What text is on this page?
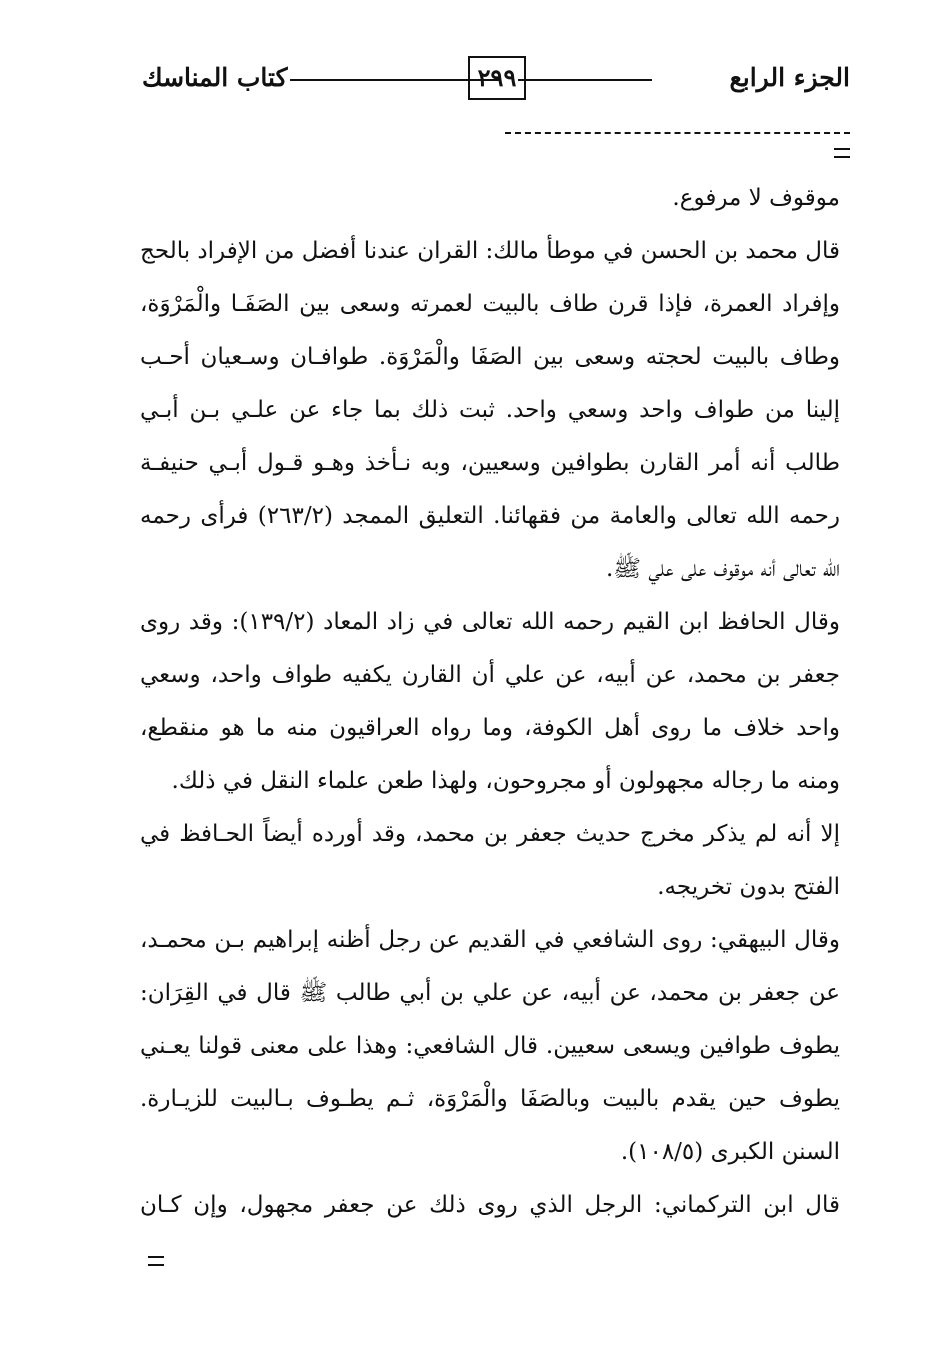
الجزء الرابع
٢٩٩
كتاب المناسك
موقوف لا مرفوع.
قال محمد بن الحسن في موطأ مالك: القران عندنا أفضل من الإفراد بالحج
وإفراد العمرة، فإذا قرن طاف بالبيت لعمرته وسعى بين الصَفَـا والْمَرْوَة،
وطاف بالبيت لحجته وسعى بين الصَفَا والْمَرْوَة. طوافـان وسـعيان أحـب
إلينا من طواف واحد وسعي واحد. ثبت ذلك بما جاء عن علـي بـن أبـي
طالب أنه أمر القارن بطوافين وسعيين، وبه نـأخذ وهـو قـول أبـي حنيفـة
رحمه الله تعالى والعامة من فقهائنا. التعليق الممجد (٢٦٣/٢) فرأى رحمه
الله تعالى أنه موقوف على علي ﷺ.
وقال الحافظ ابن القيم رحمه الله تعالى في زاد المعاد (١٣٩/٢): وقد روى
جعفر بن محمد، عن أبيه، عن علي أن القارن يكفيه طواف واحد، وسعي
واحد خلاف ما روى أهل الكوفة، وما رواه العراقيون منه ما هو منقطع،
ومنه ما رجاله مجهولون أو مجروحون، ولهذا طعن علماء النقل في ذلك.
إلا أنه لم يذكر مخرج حديث جعفر بن محمد، وقد أورده أيضاً الحـافظ في
الفتح بدون تخريجه.
وقال البيهقي: روى الشافعي في القديم عن رجل أظنه إبراهيم بـن محمـد،
عن جعفر بن محمد، عن أبيه، عن علي بن أبي طالب ﷺ قال في القِرَان:
يطوف طوافين ويسعى سعيين. قال الشافعي: وهذا على معنى قولنا يعـني
يطوف حين يقدم بالبيت وبالصَفَا والْمَرْوَة، ثـم يطـوف بـالبيت للزيـارة.
السنن الكبرى (١٠٨/٥).
قال ابن التركماني: الرجل الذي روى ذلك عن جعفر مجهول، وإن كـان
